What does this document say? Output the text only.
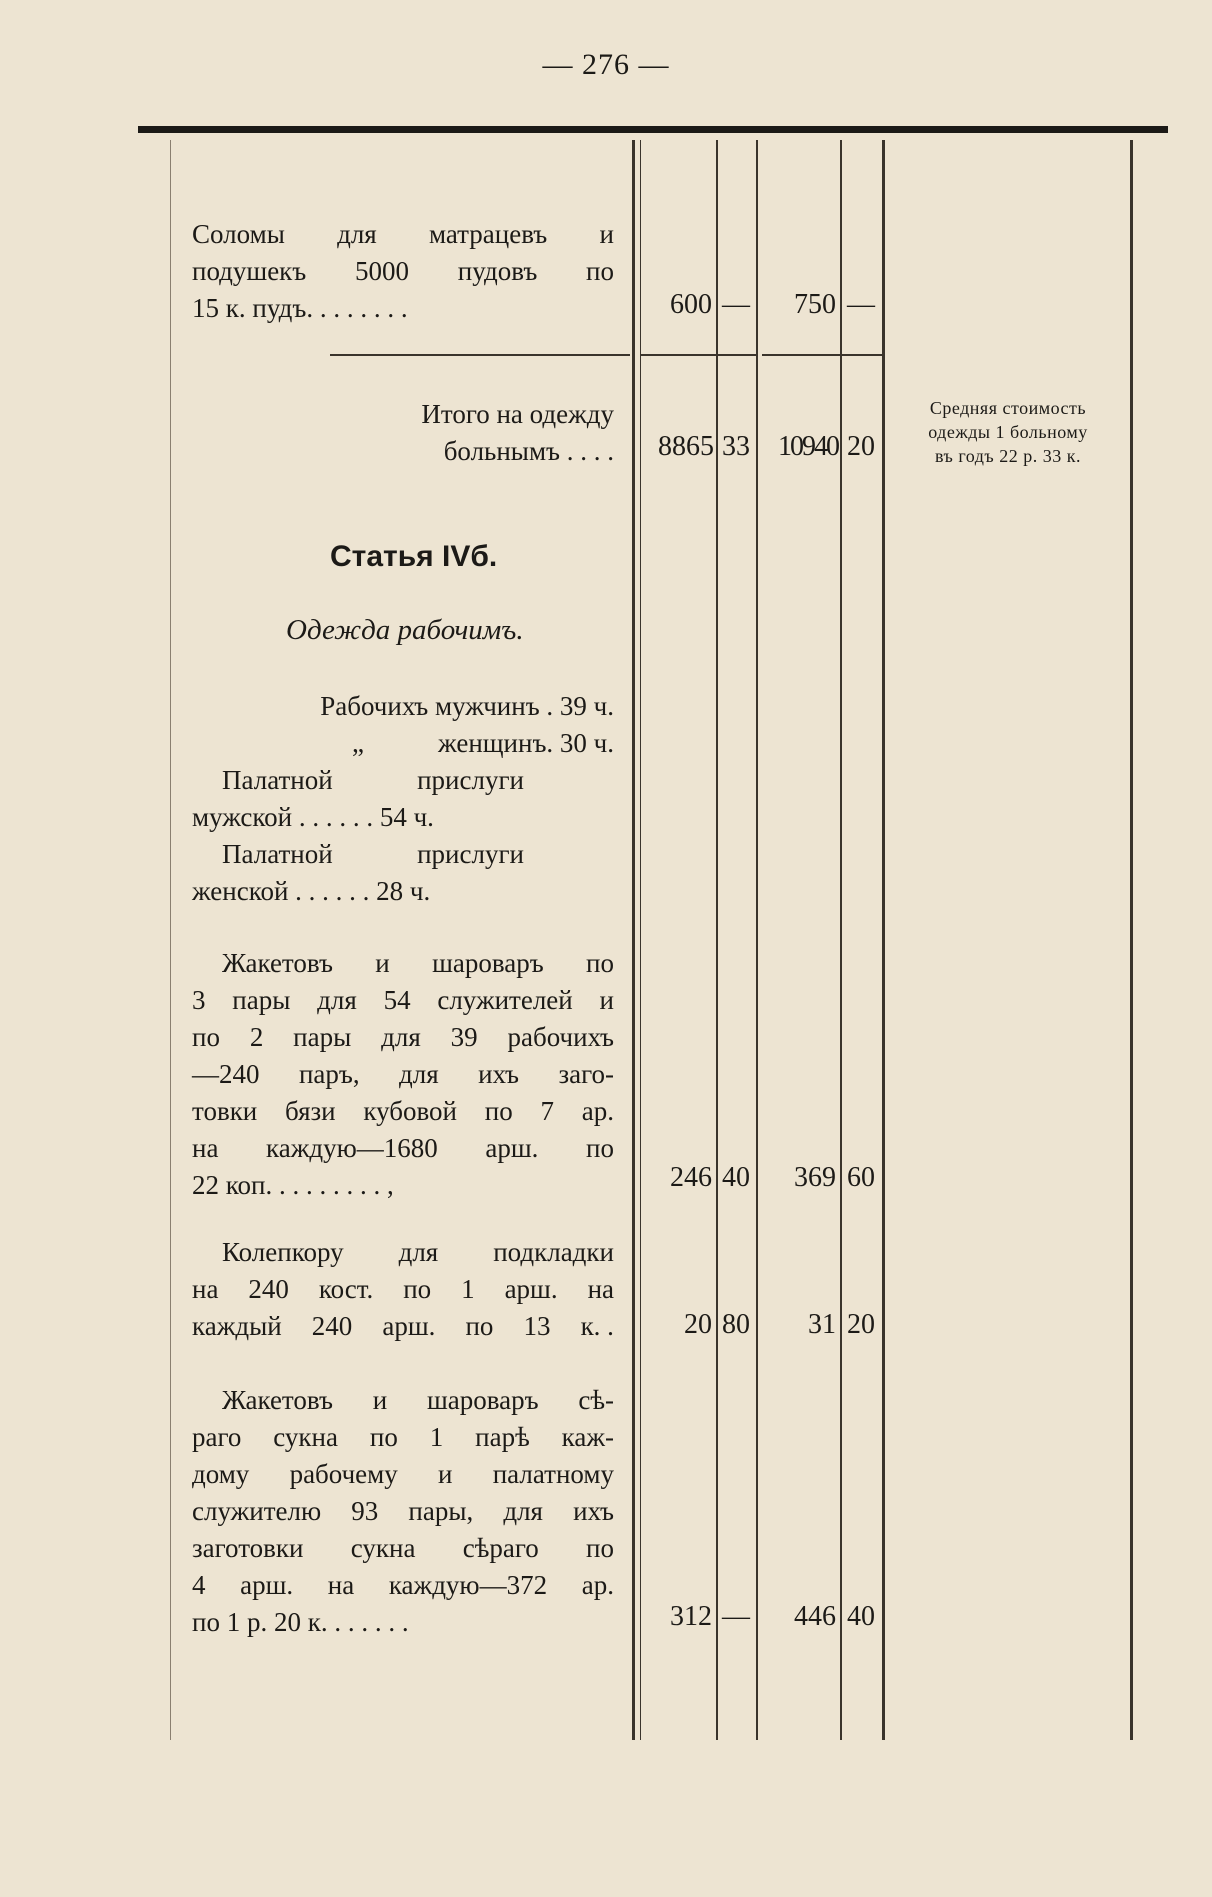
— 276 —
Соломы для матрацевъ и
подушекъ 5000 пудовъ по
15 к. пудъ. . . . . . . .	600 —	750 —
Итого на одежду
больнымъ . . . .	8865 33	10940 20
Средняя стоимость
одежды 1 больному
въ годъ 22 р. 33 к.
Статья IVб.
Одежда рабочимъ.
Рабочихъ мужчинъ . 39 ч.
„	женщинъ. 30 ч.
Палатной	прислуги
мужской . . . . . . 54 ч.
Палатной	прислуги
женской . . . . . . 28 ч.
Жакетовъ и шароваръ по
3 пары для 54 служителей и
по 2 пары для 39 рабочихъ
—240 паръ, для ихъ заго-
товки бязи кубовой по 7 ар.
на каждую—1680 арш. по
22 коп. . . . . . . . . ,	246 40	369 60
Колепкору для подкладки
на 240 кост. по 1 арш. на
каждый 240 арш. по 13 к. .	20 80	31 20
Жакетовъ и шароваръ сѣ-
раго сукна по 1 парѣ каж-
дому рабочему и палатному
служителю 93 пары, для ихъ
заготовки сукна сѣраго по
4 арш. на каждую—372 ар.
по 1 р. 20 к. . . . . . .	312 —	446 40
